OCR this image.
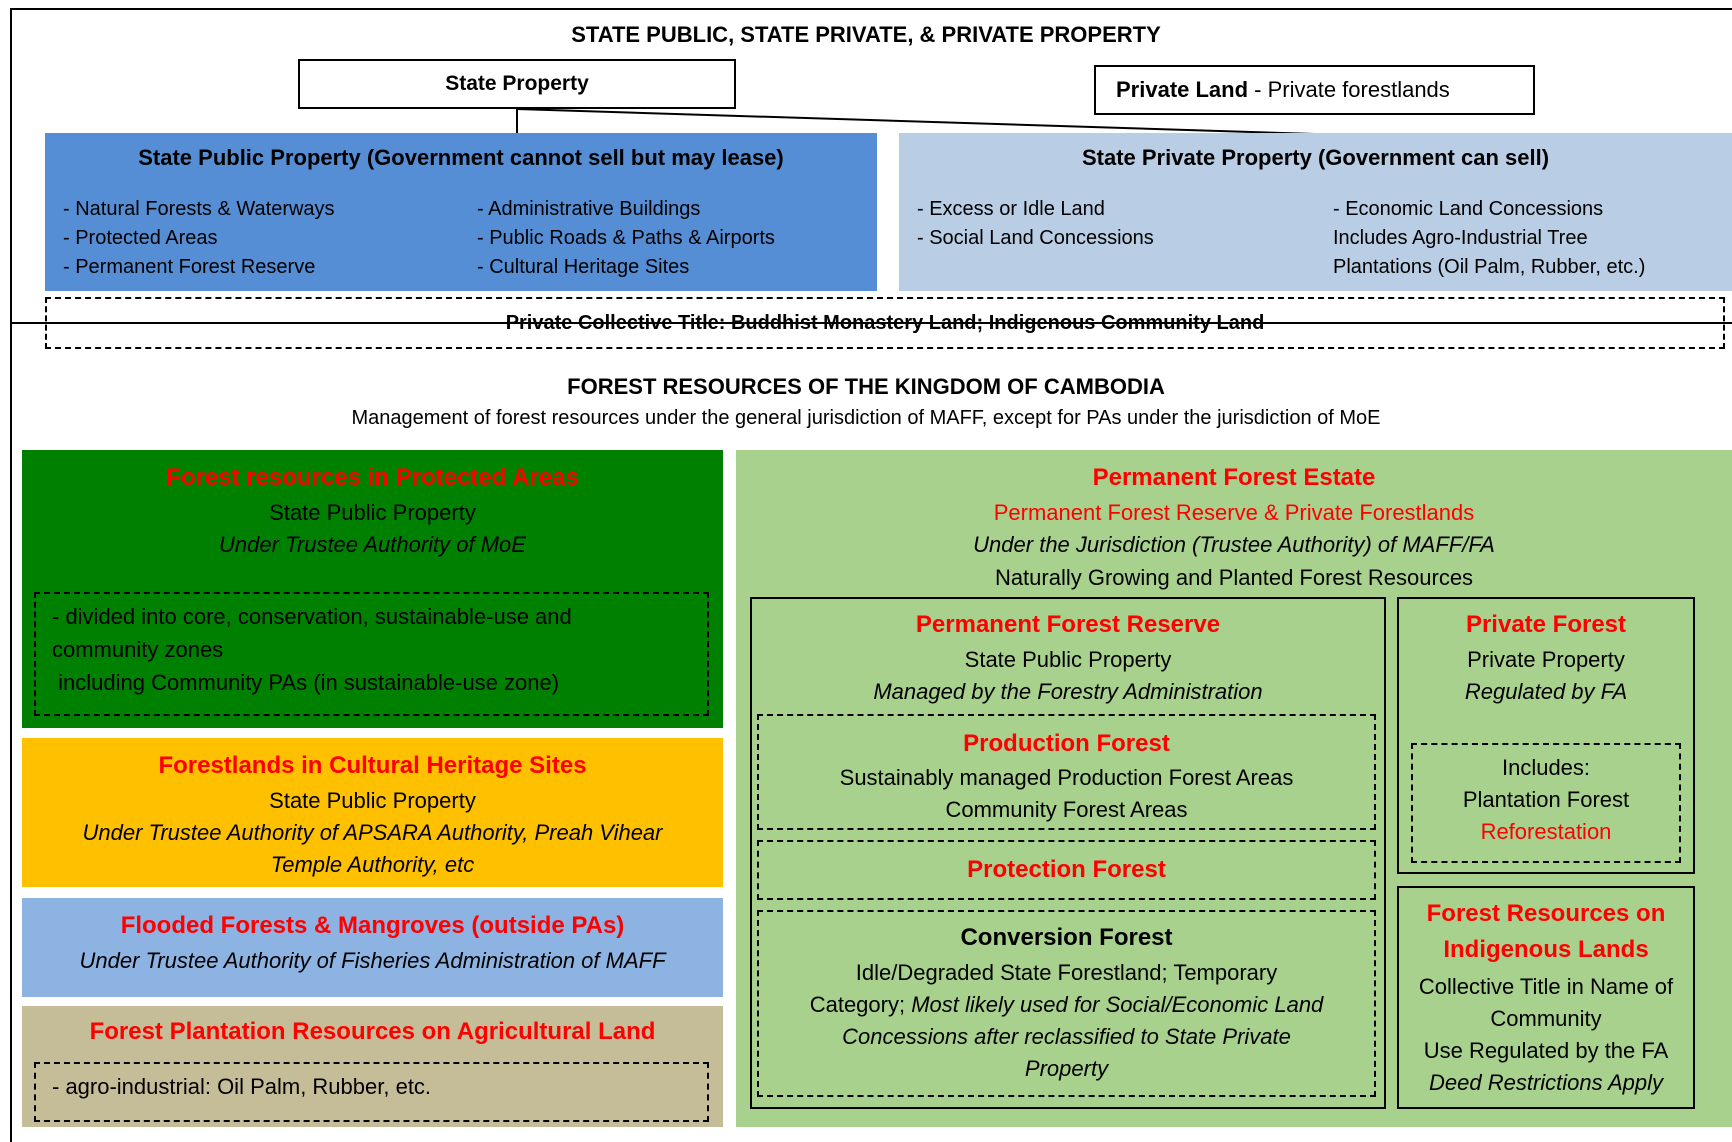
STATE PUBLIC, STATE PRIVATE, & PRIVATE PROPERTY
State Property	Private Land - Private forestlands
State Public Property (Government cannot sell but may lease)
- Natural Forests & Waterways
- Protected Areas
- Permanent Forest Reserve
- Administrative Buildings
- Public Roads & Paths & Airports
- Cultural Heritage Sites
State Private Property (Government can sell)
- Excess or Idle Land
- Social Land Concessions
- Economic Land Concessions
Includes Agro-Industrial Tree
Plantations (Oil Palm, Rubber, etc.)
Private Collective Title: Buddhist Monastery Land; Indigenous Community Land
FOREST RESOURCES OF THE KINGDOM OF CAMBODIA
Management of forest resources under the general jurisdiction of MAFF, except for PAs under the jurisdiction of MoE
Forest resources in Protected Areas
State Public Property
Under Trustee Authority of MoE
- divided into core, conservation, sustainable-use and
community zones
including Community PAs (in sustainable-use zone)
Forestlands in Cultural Heritage Sites
State Public Property
Under Trustee Authority of APSARA Authority, Preah Vihear
Temple Authority, etc
Flooded Forests & Mangroves (outside PAs)
Under Trustee Authority of Fisheries Administration of MAFF
Forest Plantation Resources on Agricultural Land
- agro-industrial: Oil Palm, Rubber, etc.
Permanent Forest Estate
Permanent Forest Reserve & Private Forestlands
Under the Jurisdiction (Trustee Authority) of MAFF/FA
Naturally Growing and Planted Forest Resources
Permanent Forest Reserve
State Public Property
Managed by the Forestry Administration
Production Forest
Sustainably managed Production Forest Areas
Community Forest Areas
Protection Forest
Conversion Forest
Idle/Degraded State Forestland; Temporary
Category; Most likely used for Social/Economic Land
Concessions after reclassified to State Private
Property
Private Forest
Private Property
Regulated by FA
Includes:
Plantation Forest
Reforestation
Forest Resources on
Indigenous Lands
Collective Title in Name of
Community
Use Regulated by the FA
Deed Restrictions Apply
